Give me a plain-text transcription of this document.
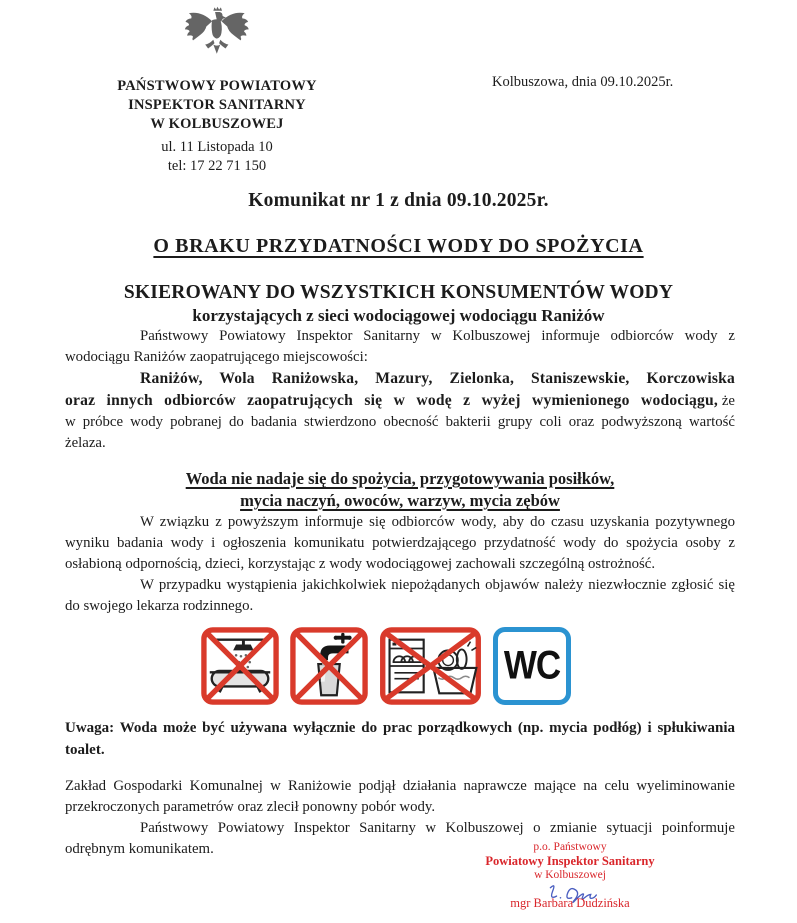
PAŃSTWOWY POWIATOWY
INSPEKTOR SANITARNY
W KOLBUSZOWEJ
ul. 11 Listopada 10
tel: 17 22 71 150
Kolbuszowa, dnia 09.10.2025r.
Komunikat nr 1 z dnia 09.10.2025r.
O BRAKU PRZYDATNOŚCI WODY DO SPOŻYCIA
SKIEROWANY DO WSZYSTKICH KONSUMENTÓW WODY
korzystających z sieci wodociągowej wodociągu Raniżów

Państwowy Powiatowy Inspektor Sanitarny w Kolbuszowej informuje odbiorców wody z wodociągu Raniżów zaopatrującego miejscowości:

Raniżów, Wola Raniżowska, Mazury, Zielonka, Staniszewskie, Korczowiska oraz innych odbiorców zaopatrujących się w wodę z wyżej wymienionego wodociągu, że w próbce wody pobranej do badania stwierdzono obecność bakterii grupy coli oraz podwyższoną wartość żelaza.

Woda nie nadaje się do spożycia, przygotowywania posiłków,
mycia naczyń, owoców, warzyw, mycia zębów

W związku z powyższym informuje się odbiorców wody, aby do czasu uzyskania pozytywnego wyniku badania wody i ogłoszenia komunikatu potwierdzającego przydatność wody do spożycia osoby z osłabioną odpornością, dzieci, korzystając z wody wodociągowej zachowali szczególną ostrożność.

W przypadku wystąpienia jakichkolwiek niepożądanych objawów należy niezwłocznie zgłosić się do swojego lekarza rodzinnego.

WC

Uwaga: Woda może być używana wyłącznie do prac porządkowych (np. mycia podłóg) i spłukiwania toalet.

Zakład Gospodarki Komunalnej w Raniżowie podjął działania naprawcze mające na celu wyeliminowanie przekroczonych parametrów oraz zlecił ponowny pobór wody.

Państwowy Powiatowy Inspektor Sanitarny w Kolbuszowej o zmianie sytuacji poinformuje odrębnym komunikatem.	p.o. Państwowy
Powiatowy Inspektor Sanitarny
w Kolbuszowej
mgr Barbara Dudzińska
